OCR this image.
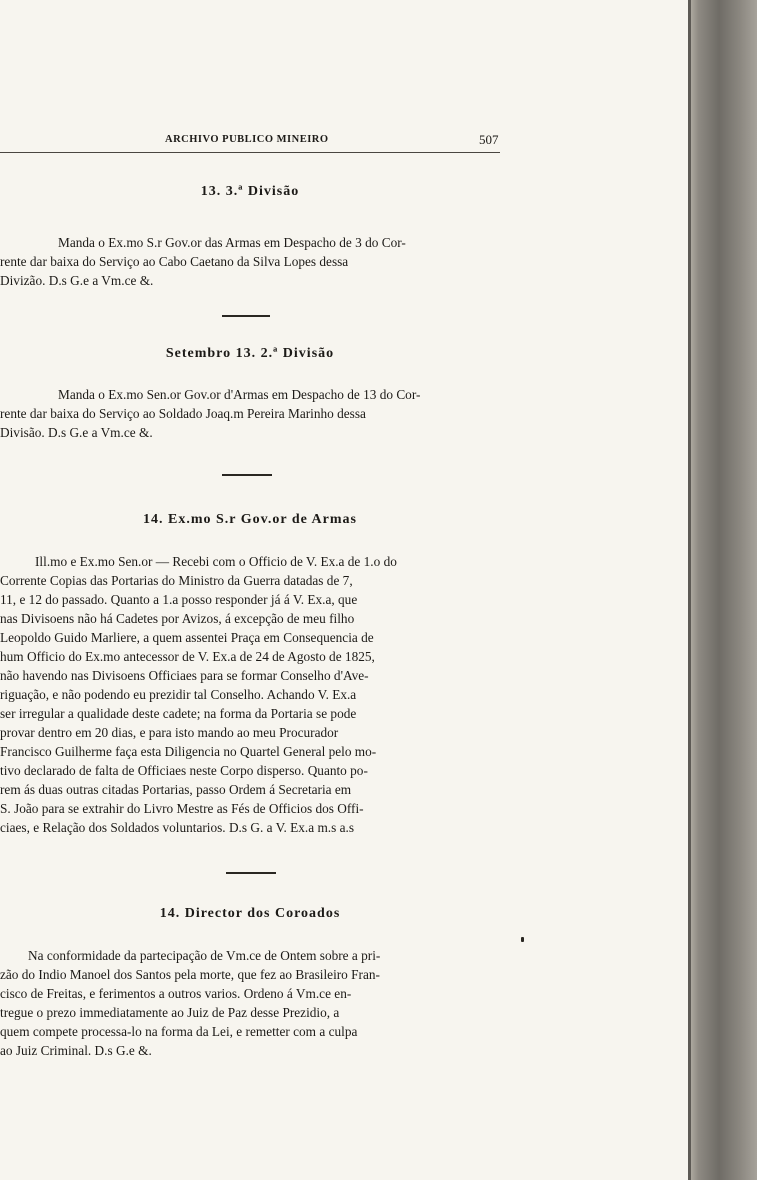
ARCHIVO PUBLICO MINEIRO	507
13. 3.ª Divisão

Manda o Ex.mo S.r Gov.or das Armas em Despacho de 3 do Cor-

rente dar baixa do Serviço ao Cabo Caetano da Silva Lopes dessa

Divizão. D.s G.e a Vm.ce &.

Setembro 13. 2.ª Divisão

Manda o Ex.mo Sen.or Gov.or d'Armas em Despacho de 13 do Cor-

rente dar baixa do Serviço ao Soldado Joaq.m Pereira Marinho dessa

Divisão. D.s G.e a Vm.ce &.

14. Ex.mo S.r Gov.or de Armas

Ill.mo e Ex.mo Sen.or — Recebi com o Officio de V. Ex.a de 1.o do

Corrente Copias das Portarias do Ministro da Guerra datadas de 7,

11, e 12 do passado. Quanto a 1.a posso responder já á V. Ex.a, que

nas Divisoens não há Cadetes por Avizos, á excepção de meu filho

Leopoldo Guido Marliere, a quem assentei Praça em Consequencia de

hum Officio do Ex.mo antecessor de V. Ex.a de 24 de Agosto de 1825,

não havendo nas Divisoens Officiaes para se formar Conselho d'Ave-

riguação, e não podendo eu prezidir tal Conselho. Achando V. Ex.a

ser irregular a qualidade deste cadete; na forma da Portaria se pode

provar dentro em 20 dias, e para isto mando ao meu Procurador

Francisco Guilherme faça esta Diligencia no Quartel General pelo mo-

tivo declarado de falta de Officiaes neste Corpo disperso. Quanto po-

rem ás duas outras citadas Portarias, passo Ordem á Secretaria em

S. João para se extrahir do Livro Mestre as Fés de Officios dos Offi-

ciaes, e Relação dos Soldados voluntarios. D.s G. a V. Ex.a m.s a.s

14. Director dos Coroados

Na conformidade da partecipação de Vm.ce de Ontem sobre a pri-

zão do Indio Manoel dos Santos pela morte, que fez ao Brasileiro Fran-

cisco de Freitas, e ferimentos a outros varios. Ordeno á Vm.ce en-

tregue o prezo immediatamente ao Juiz de Paz desse Prezidio, a

quem compete processa-lo na forma da Lei, e remetter com a culpa

ao Juiz Criminal. D.s G.e &.
